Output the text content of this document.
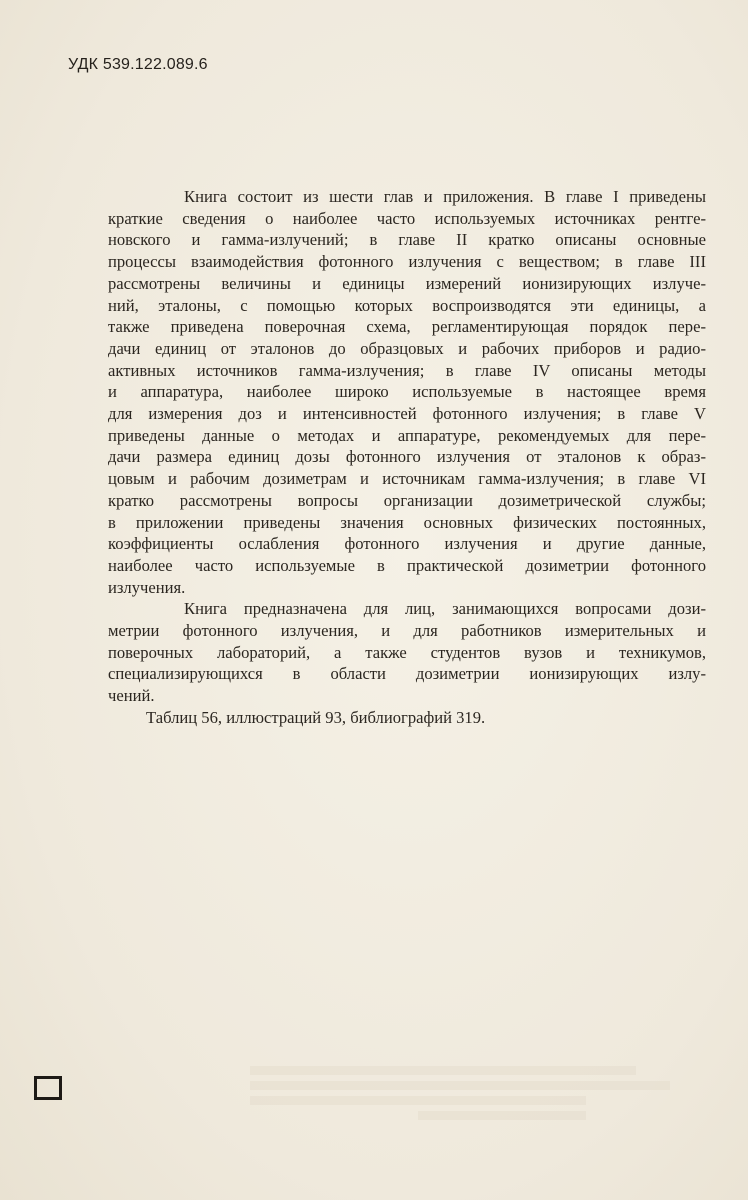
УДК 539.122.089.6

Книга состоит из шести глав и приложения. В главе I приведены
краткие сведения о наиболее часто используемых источниках рентге-
новского и гамма-излучений; в главе II кратко описаны основные
процессы взаимодействия фотонного излучения с веществом; в главе III
рассмотрены величины и единицы измерений ионизирующих излуче-
ний, эталоны, с помощью которых воспроизводятся эти единицы, а
также приведена поверочная схема, регламентирующая порядок пере-
дачи единиц от эталонов до образцовых и рабочих приборов и радио-
активных источников гамма-излучения; в главе IV описаны методы
и аппаратура, наиболее широко используемые в настоящее время
для измерения доз и интенсивностей фотонного излучения; в главе V
приведены данные о методах и аппаратуре, рекомендуемых для пере-
дачи размера единиц дозы фотонного излучения от эталонов к образ-
цовым и рабочим дозиметрам и источникам гамма-излучения; в главе VI
кратко рассмотрены вопросы организации дозиметрической службы;
в приложении приведены значения основных физических постоянных,
коэффициенты ослабления фотонного излучения и другие данные,
наиболее часто используемые в практической дозиметрии фотонного
излучения.

Книга предназначена для лиц, занимающихся вопросами дози-
метрии фотонного излучения, и для работников измерительных и
поверочных лабораторий, а также студентов вузов и техникумов,
специализирующихся в области дозиметрии ионизирующих излу-
чений.

Таблиц 56, иллюстраций 93, библиографий 319.
